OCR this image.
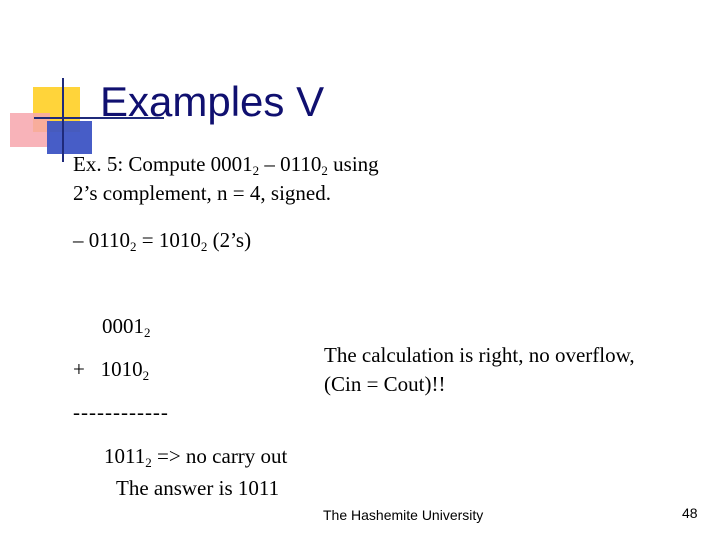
Examples V

Ex. 5: Compute $0001_2 - 0110_2$ using

2’s complement, n = 4, signed.

– $0110_2 = 1010_2$ (2’s)

$0001_2$

+   $1010_2$

------------

$1011_2$ => no carry out

The answer is 1011

The calculation is right, no overflow,

(Cin = Cout)!!

The Hashemite University	48
